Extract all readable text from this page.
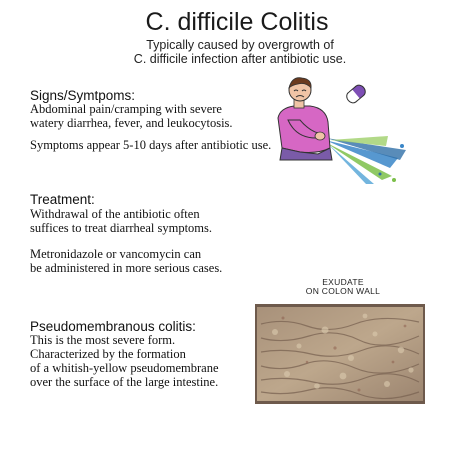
C. difficile Colitis
Typically caused by overgrowth of
C. difficile infection after antibiotic use.
Signs/Symtpoms:
Abdominal pain/cramping with severe
watery diarrhea, fever, and leukocytosis.
Symptoms appear 5-10 days after antibiotic use.
Treatment:
Withdrawal of the antibiotic often
suffices to treat diarrheal symptoms.
Metronidazole or vancomycin can
be administered in more serious cases.
Pseudomembranous colitis:
This is the most severe form.
Characterized by the formation
of a whitish-yellow pseudomembrane
over the surface of the large intestine.
EXUDATE
ON COLON WALL
